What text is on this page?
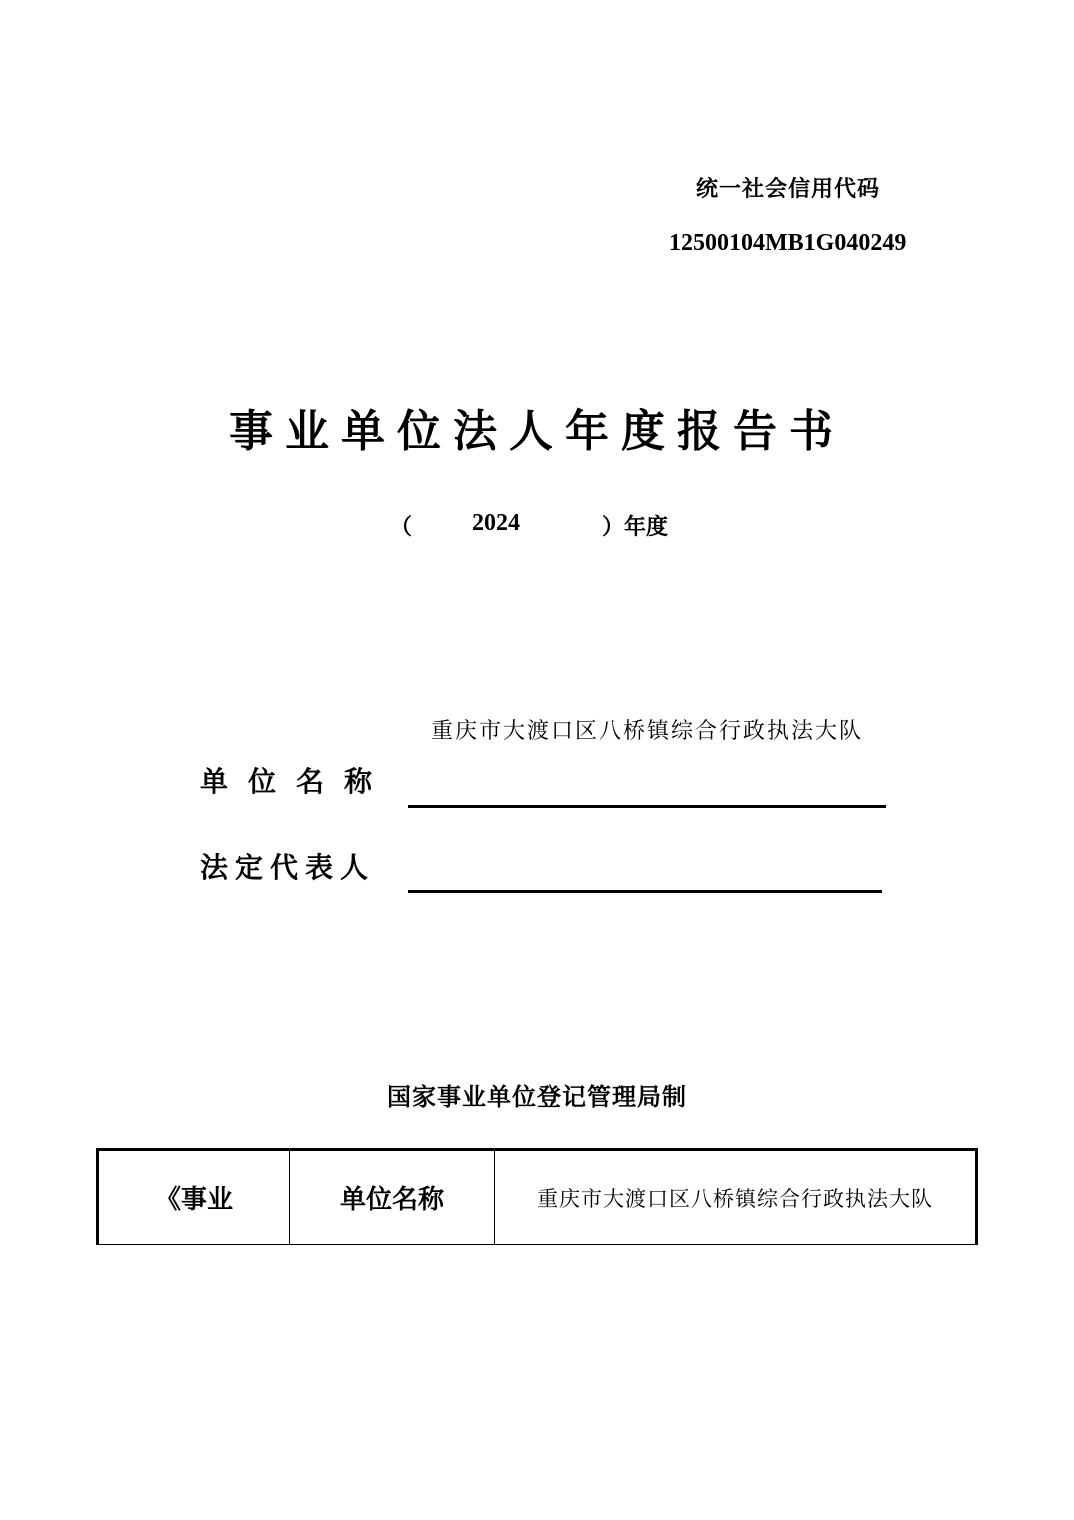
统一社会信用代码
12500104MB1G040249
事业单位法人年度报告书
（ 2024	）年度
重庆市大渡口区八桥镇综合行政执法大队
单位名称
法定代表人
国家事业单位登记管理局制
《事业	单位名称	重庆市大渡口区八桥镇综合行政执法大队
